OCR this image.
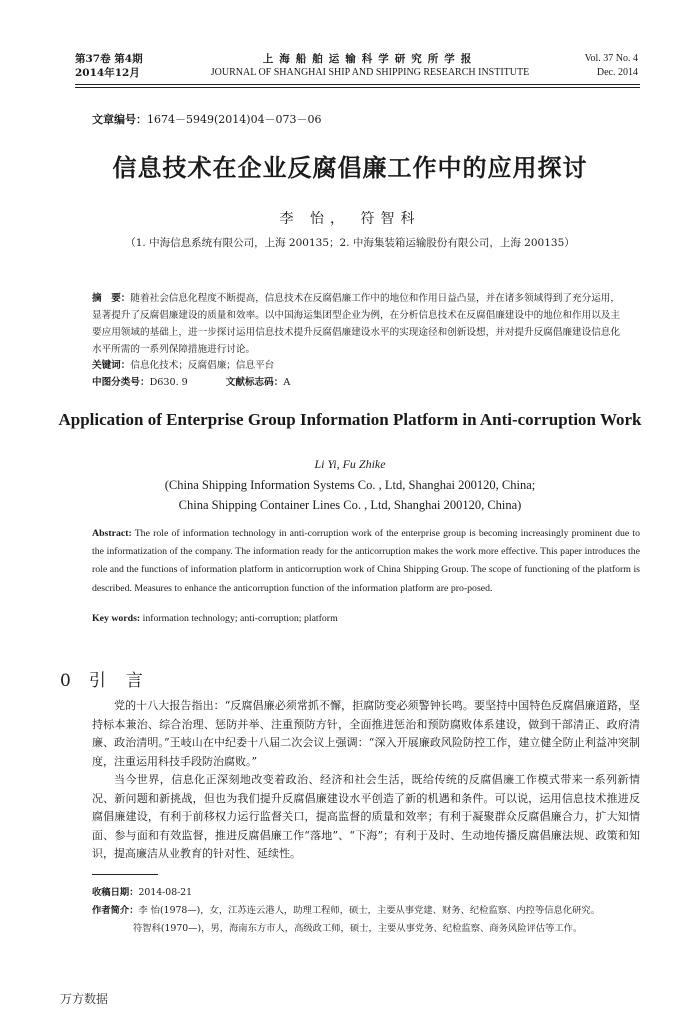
第37卷 第4期
2014年12月
上海船舶运输科学研究所学报
JOURNAL OF SHANGHAI SHIP AND SHIPPING RESEARCH INSTITUTE
Vol. 37 No. 4
Dec. 2014
文章编号：1674－5949(2014)04－073－06
信息技术在企业反腐倡廉工作中的应用探讨
李 怡， 符智科
（1. 中海信息系统有限公司，上海 200135；2. 中海集装箱运输股份有限公司，上海 200135）
摘　要：随着社会信息化程度不断提高，信息技术在反腐倡廉工作中的地位和作用日益凸显，并在诸多领域得到了充分运用，显著提升了反腐倡廉建设的质量和效率。以中国海运集团型企业为例，在分析信息技术在反腐倡廉建设中的地位和作用以及主要应用领域的基础上，进一步探讨运用信息技术提升反腐倡廉建设水平的实现途径和创新设想，并对提升反腐倡廉建设信息化水平所需的一系列保障措施进行讨论。
关键词：信息化技术；反腐倡廉；信息平台
中图分类号：D630. 9	文献标志码：A
Application of Enterprise Group Information Platform in Anti-corruption Work
Li Yi, Fu Zhike
(China Shipping Information Systems Co. , Ltd, Shanghai 200120, China;
China Shipping Container Lines Co. , Ltd, Shanghai 200120, China)
Abstract: The role of information technology in anti-corruption work of the enterprise group is becoming increasingly prominent due to the informatization of the company. The information ready for the anticorruption makes the work more effective. This paper introduces the role and the functions of information platform in anticorruption work of China Shipping Group. The scope of functioning of the platform is described. Measures to enhance the anticorruption function of the information platform are pro-posed.
Key words: information technology; anti-corruption; platform
0 引言

党的十八大报告指出：“反腐倡廉必须常抓不懈，拒腐防变必须警钟长鸣。要坚持中国特色反腐倡廉道路，坚持标本兼治、综合治理、惩防并举、注重预防方针，全面推进惩治和预防腐败体系建设，做到干部清正、政府清廉、政治清明。”王岐山在中纪委十八届二次会议上强调：“深入开展廉政风险防控工作，建立健全防止利益冲突制度，注重运用科技手段防治腐败。”

当今世界，信息化正深刻地改变着政治、经济和社会生活，既给传统的反腐倡廉工作模式带来一系列新情况、新问题和新挑战，但也为我们提升反腐倡廉建设水平创造了新的机遇和条件。可以说，运用信息技术推进反腐倡廉建设，有利于前移权力运行监督关口，提高监督的质量和效率；有利于凝聚群众反腐倡廉合力，扩大知情面、参与面和有效监督，推进反腐倡廉工作“落地”、“下海”；有利于及时、生动地传播反腐倡廉法规、政策和知识，提高廉洁从业教育的针对性、延续性。

收稿日期：2014-08-21
作者简介：李 怡(1978—)，女，江苏连云港人，助理工程师，硕士，主要从事党建、财务、纪检监察、内控等信息化研究。
符智科(1970—)，男，海南东方市人，高级政工师，硕士，主要从事党务、纪检监察、商务风险评估等工作。
万方数据
